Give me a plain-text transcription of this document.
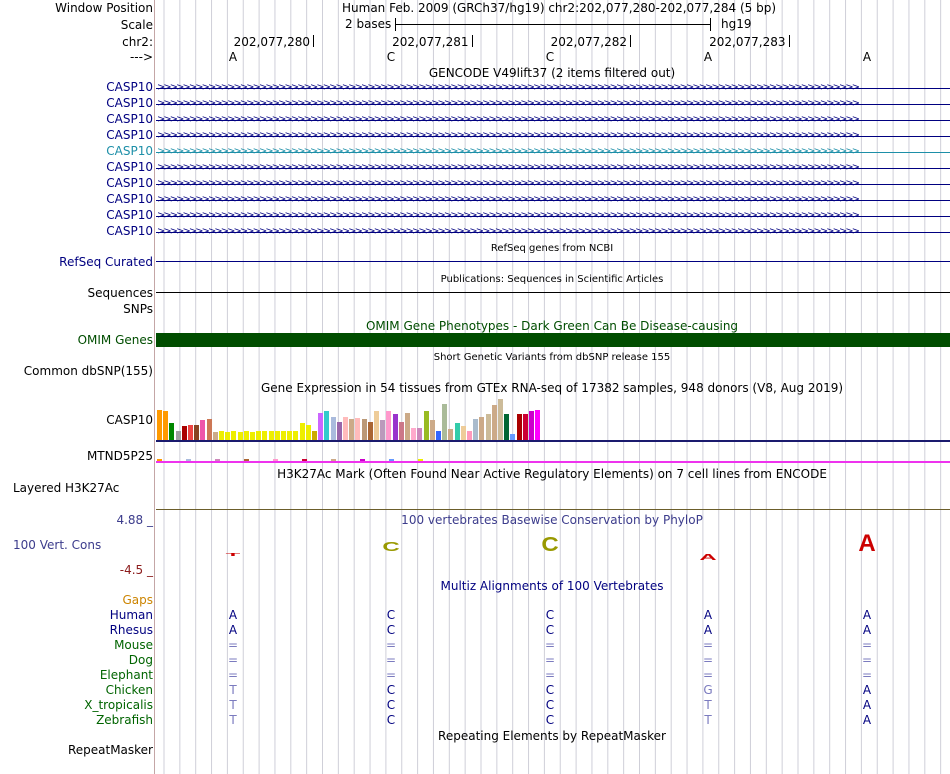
Window Position	Human Feb. 2009 (GRCh37/hg19) chr2:202,077,280-202,077,284 (5 bp)
Scale	2 bases	hg19
chr2:	202,077,280	202,077,281	202,077,282	202,077,283
--->	A	C	C	A	A
GENCODE V49lift37 (2 items filtered out)
CASP10 >>>>>>>>>>>>>>>>>>>>>>>>>>>>>>>>>>>>>>>>>>>>>>>>>>>>>>>>>>>>>>>>>>>>>>>>>>>>>>>>>>>>>>>>>>>>>>>>>>>>>>>>>>>>>>
CASP10 >>>>>>>>>>>>>>>>>>>>>>>>>>>>>>>>>>>>>>>>>>>>>>>>>>>>>>>>>>>>>>>>>>>>>>>>>>>>>>>>>>>>>>>>>>>>>>>>>>>>>>>>>>>>>>
CASP10 >>>>>>>>>>>>>>>>>>>>>>>>>>>>>>>>>>>>>>>>>>>>>>>>>>>>>>>>>>>>>>>>>>>>>>>>>>>>>>>>>>>>>>>>>>>>>>>>>>>>>>>>>>>>>>
CASP10 >>>>>>>>>>>>>>>>>>>>>>>>>>>>>>>>>>>>>>>>>>>>>>>>>>>>>>>>>>>>>>>>>>>>>>>>>>>>>>>>>>>>>>>>>>>>>>>>>>>>>>>>>>>>>>
CASP10 >>>>>>>>>>>>>>>>>>>>>>>>>>>>>>>>>>>>>>>>>>>>>>>>>>>>>>>>>>>>>>>>>>>>>>>>>>>>>>>>>>>>>>>>>>>>>>>>>>>>>>>>>>>>>>
CASP10 >>>>>>>>>>>>>>>>>>>>>>>>>>>>>>>>>>>>>>>>>>>>>>>>>>>>>>>>>>>>>>>>>>>>>>>>>>>>>>>>>>>>>>>>>>>>>>>>>>>>>>>>>>>>>>
CASP10 >>>>>>>>>>>>>>>>>>>>>>>>>>>>>>>>>>>>>>>>>>>>>>>>>>>>>>>>>>>>>>>>>>>>>>>>>>>>>>>>>>>>>>>>>>>>>>>>>>>>>>>>>>>>>>
CASP10 >>>>>>>>>>>>>>>>>>>>>>>>>>>>>>>>>>>>>>>>>>>>>>>>>>>>>>>>>>>>>>>>>>>>>>>>>>>>>>>>>>>>>>>>>>>>>>>>>>>>>>>>>>>>>>
CASP10 >>>>>>>>>>>>>>>>>>>>>>>>>>>>>>>>>>>>>>>>>>>>>>>>>>>>>>>>>>>>>>>>>>>>>>>>>>>>>>>>>>>>>>>>>>>>>>>>>>>>>>>>>>>>>>
CASP10 >>>>>>>>>>>>>>>>>>>>>>>>>>>>>>>>>>>>>>>>>>>>>>>>>>>>>>>>>>>>>>>>>>>>>>>>>>>>>>>>>>>>>>>>>>>>>>>>>>>>>>>>>>>>>>
RefSeq genes from NCBI
RefSeq Curated
Publications: Sequences in Scientific Articles
Sequences
SNPs
OMIM Gene Phenotypes - Dark Green Can Be Disease-causing
OMIM Genes
Short Genetic Variants from dbSNP release 155
Common dbSNP(155)
Gene Expression in 54 tissues from GTEx RNA-seq of 17382 samples, 948 donors (V8, Aug 2019)
CASP10
MTND5P25
H3K27Ac Mark (Often Found Near Active Regulatory Elements) on 7 cell lines from ENCODE
Layered H3K27Ac
100 vertebrates Basewise Conservation by PhyloP
4.88 _
100 Vert. Cons
-4.5 _
T
C	C
A
A
Multiz Alignments of 100 Vertebrates
Gaps
Human	A	C	C	A	A
Rhesus	A	C	C	A	A
Mouse	=	=	=	=	=
Dog	=	=	=	=	=
Elephant	=	=	=	=	=
Chicken	T	C	C	G	A
X_tropicalis	T	C	C	T	A
Zebrafish	T	C	C	T	A
Repeating Elements by RepeatMasker
RepeatMasker
